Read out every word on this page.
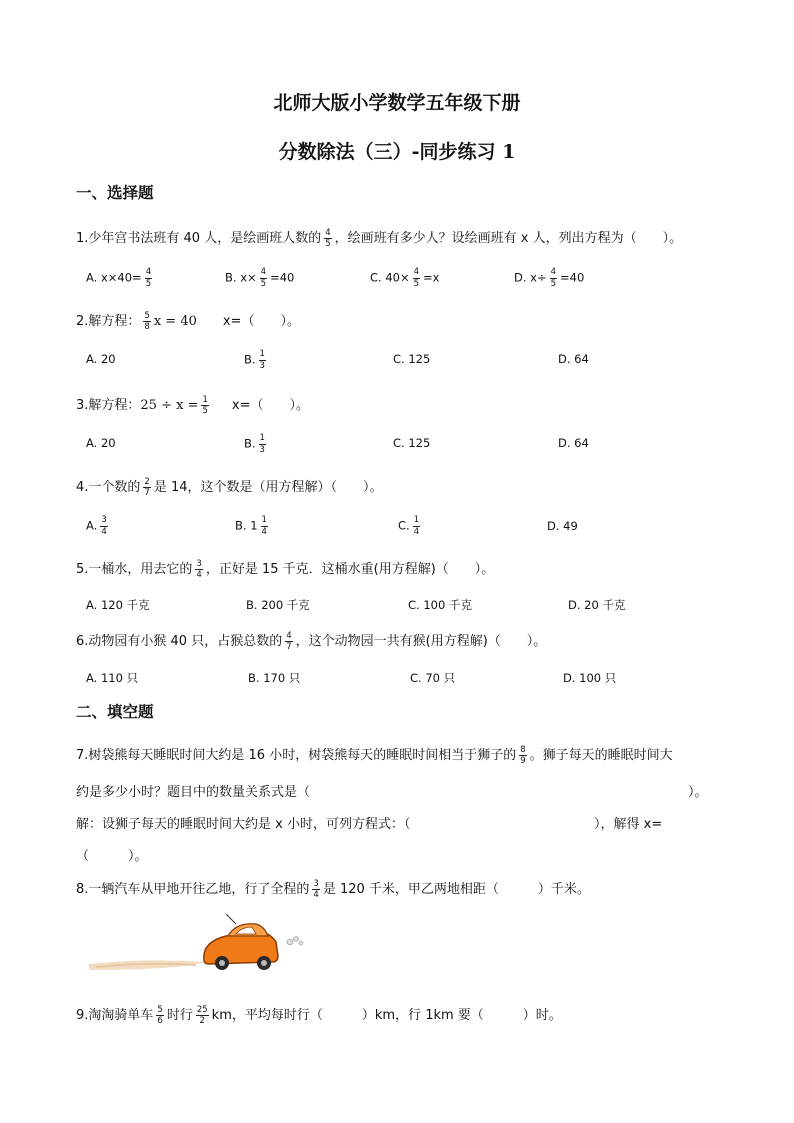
北师大版小学数学五年级下册
分数除法（三）-同步练习 1
一、选择题
1.少年宫书法班有 40 人，是绘画班人数的 $\frac{4}{5}$ ，绘画班有多少人？设绘画班有 x 人，列出方程为（　　）。
A. $x\times 40= \frac{4}{5}$	B. $x\times \frac{4}{5} =40$	C. $40\times \frac{4}{5} =x$	D. $x\div \frac{4}{5} =40$
2.解方程： $\frac{5}{8}$ x = 40 x=（　　）。
A. 20	B. $\frac{1}{3}$	C. 125	D. 64
3.解方程：$25 \div x = \frac{1}{5} x=$（　　）。
A. 20	B. $\frac{1}{3}$	C. 125	D. 64
4.一个数的 $\frac{2}{7}$ 是 14，这个数是（用方程解）（　　）。
A. $\frac{3}{4}$	B. $1 \frac{1}{4}$	C. $\frac{1}{4}$	D. 49
5.一桶水，用去它的 $\frac{3}{4}$ ，正好是 15 千克．这桶水重(用方程解)（　　）。
A. 120 千克	B. 200 千克	C. 100 千克	D. 20 千克
6.动物园有小猴 40 只，占猴总数的 $\frac{4}{7}$ ，这个动物园一共有猴(用方程解)（　　）。
A. 110 只	B. 170 只	C. 70 只	D. 100 只
二、填空题
7.树袋熊每天睡眠时间大约是 16 小时，树袋熊每天的睡眠时间相当于狮子的 $\frac{8}{9}$ 。狮子每天的睡眠时间大
约是多少小时？题目中的数量关系式是（	）。
解：设狮子每天的睡眠时间大约是 x 小时，可列方程式：（	），解得 x=
（　　　）。
8.一辆汽车从甲地开往乙地，行了全程的 $\frac{3}{4}$ 是 120 千米，甲乙两地相距（　　　）千米。
9.淘淘骑单车 $\frac{5}{6}$ 时行 $\frac{25}{2}$ km，平均每时行（　　　）km，行 1km 要（　　　）时。
